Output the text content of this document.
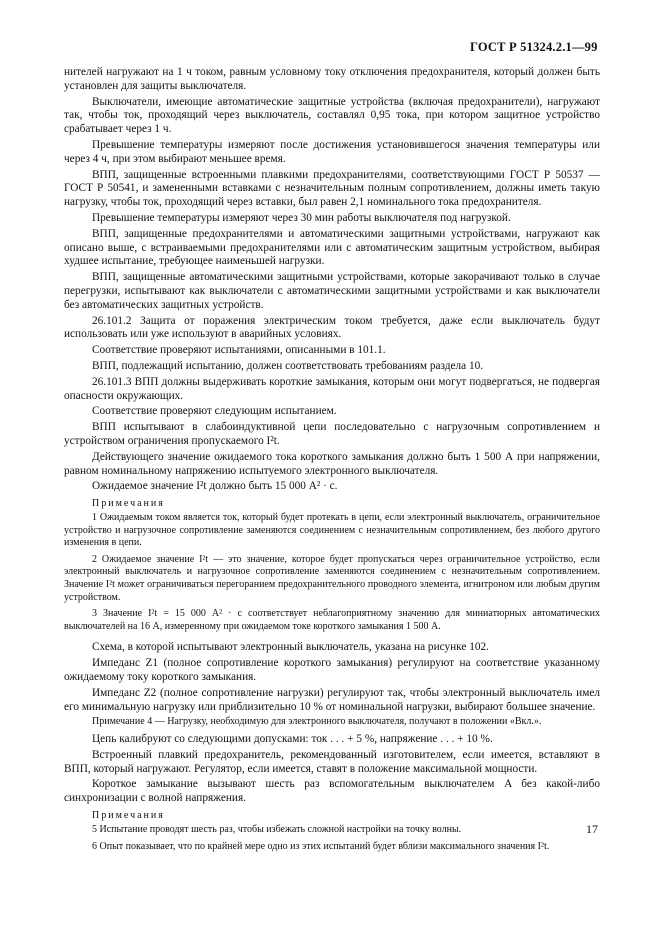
ГОСТ Р 51324.2.1—99

нителей нагружают на 1 ч током, равным условному току отключения предохранителя, который должен быть установлен для защиты выключателя.

Выключатели, имеющие автоматические защитные устройства (включая предохранители), нагружают так, чтобы ток, проходящий через выключатель, составлял 0,95 тока, при котором защитное устройство срабатывает через 1 ч.

Превышение температуры измеряют после достижения установившегося значения температуры или через 4 ч, при этом выбирают меньшее время.

ВПП, защищенные встроенными плавкими предохранителями, соответствующими ГОСТ Р 50537 — ГОСТ Р 50541, и замененными вставками с незначительным полным сопротивлением, должны иметь такую нагрузку, чтобы ток, проходящий через вставки, был равен 2,1 номинального тока предохранителя.

Превышение температуры измеряют через 30 мин работы выключателя под нагрузкой.

ВПП, защищенные предохранителями и автоматическими защитными устройствами, нагружают как описано выше, с встраиваемыми предохранителями или с автоматическим защитным устройством, выбирая худшее испытание, требующее наименьшей нагрузки.

ВПП, защищенные автоматическими защитными устройствами, которые закорачивают только в случае перегрузки, испытывают как выключатели с автоматическими защитными устройствами и как выключатели без автоматических защитных устройств.

26.101.2 Защита от поражения электрическим током требуется, даже если выключатель будут использовать или уже используют в аварийных условиях.

Соответствие проверяют испытаниями, описанными в 101.1.

ВПП, подлежащий испытанию, должен соответствовать требованиям раздела 10.

26.101.3 ВПП должны выдерживать короткие замыкания, которым они могут подвергаться, не подвергая опасности окружающих.

Соответствие проверяют следующим испытанием.

ВПП испытывают в слабоиндуктивной цепи последовательно с нагрузочным сопротивлением и устройством ограничения пропускаемого I²t.

Действующего значение ожидаемого тока короткого замыкания должно быть 1 500 А при напряжении, равном номинальному напряжению испытуемого электронного выключателя.

Ожидаемое значение I²t должно быть 15 000 А² · с.

Примечания

1 Ожидаемым током является ток, который будет протекать в цепи, если электронный выключатель, ограничительное устройство и нагрузочное сопротивление заменяются соединением с незначительным сопротивлением, без любого другого изменения в цепи.

2 Ожидаемое значение I²t — это значение, которое будет пропускаться через ограничительное устройство, если электронный выключатель и нагрузочное сопротивление заменяются соединением с незначительным сопротивлением. Значение I²t может ограничиваться перегоранием предохранительного проводного элемента, игнитроном или любым другим устройством.

3 Значение I²t = 15 000 А² · с соответствует неблагоприятному значению для миниатюрных автоматических выключателей на 16 А, измеренному при ожидаемом токе короткого замыкания 1 500 А.

Схема, в которой испытывают электронный выключатель, указана на рисунке 102.

Импеданс Z1 (полное сопротивление короткого замыкания) регулируют на соответствие указанному ожидаемому току короткого замыкания.

Импеданс Z2 (полное сопротивление нагрузки) регулируют так, чтобы электронный выключатель имел его минимальную нагрузку или приблизительно 10 % от номинальной нагрузки, выбирают большее значение.

Примечание 4 — Нагрузку, необходимую для электронного выключателя, получают в положении «Вкл.».

Цепь калибруют со следующими допусками: ток . . . + 5 %, напряжение . . . + 10 %.

Встроенный плавкий предохранитель, рекомендованный изготовителем, если имеется, вставляют в ВПП, который нагружают. Регулятор, если имеется, ставят в положение максимальной мощности.

Короткое замыкание вызывают шесть раз вспомогательным выключателем A без какой-либо синхронизации с волной напряжения.

Примечания

5 Испытание проводят шесть раз, чтобы избежать сложной настройки на точку волны.

6 Опыт показывает, что по крайней мере одно из этих испытаний будет вблизи максимального значения I²t.

17
